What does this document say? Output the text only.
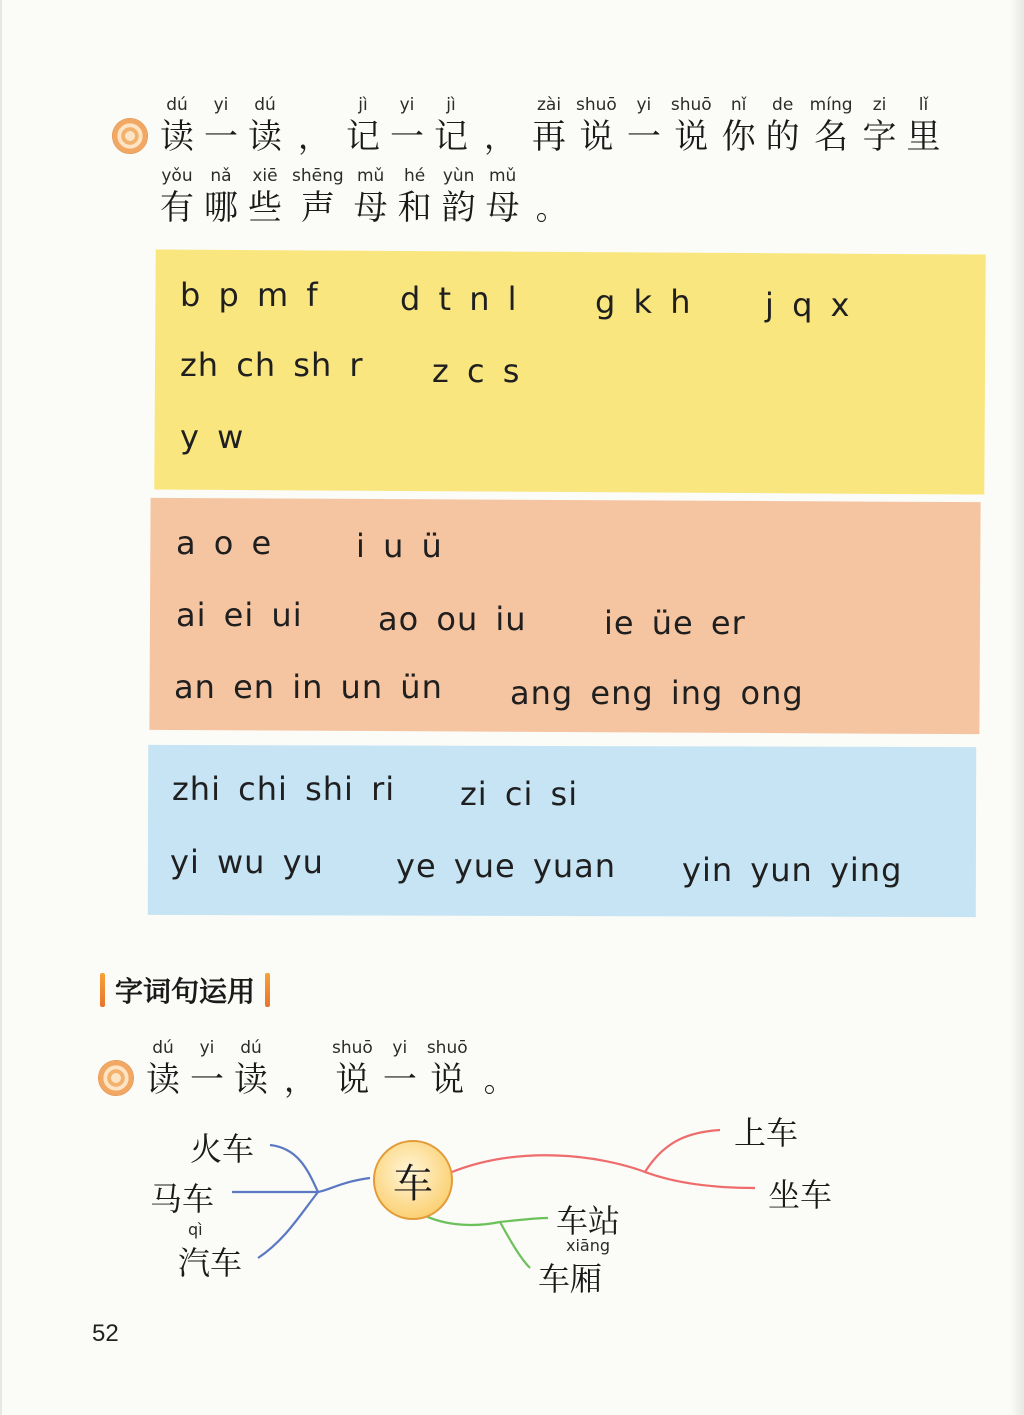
dú
读
yi
一
dú
读 ，
jì
记
yi
一
jì
记 ，
zài
再
shuō
说
yi
一
shuō
说
nǐ
你
de
的
míng
名
zi
字
lǐ
里
yǒu
有
nǎ
哪
xiē
些
shēng
声
mǔ
母
hé
和
yùn
韵
mǔ
母 。
b p m f	d t n l g k h j q x
zh ch sh r z c s
y w
a o e	i u ü
ai ei ui ao ou iu ie üe er
an en in un ün ang eng ing ong
zhi chi shi ri zi ci si
yi wu yu ye yue yuan yin yun ying
字词句运用
dú
读
yi
一
dú
读 ，
shuō
说
yi
一
shuō
说 。
火车
马车
qì
汽车
车
上车
坐车
车站
xiāng
车厢
52
